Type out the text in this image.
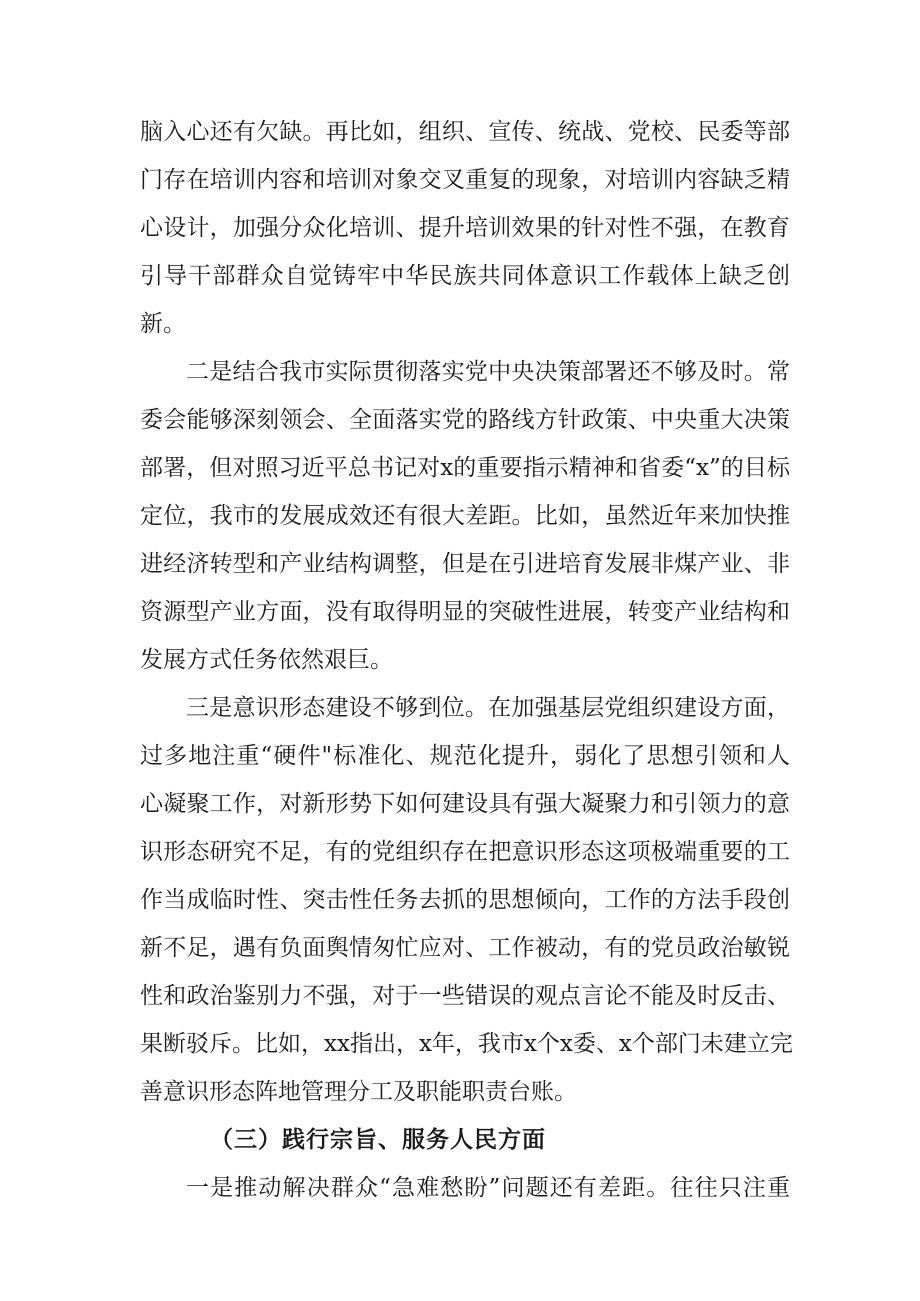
脑入心还有欠缺。再比如，组织、宣传、统战、党校、民委等部
门存在培训内容和培训对象交叉重复的现象，对培训内容缺乏精
心设计，加强分众化培训、提升培训效果的针对性不强，在教育
引导干部群众自觉铸牢中华民族共同体意识工作载体上缺乏创
新。
二是结合我市实际贯彻落实党中央决策部署还不够及时。常
委会能够深刻领会、全面落实党的路线方针政策、中央重大决策
部署，但对照习近平总书记对x的重要指示精神和省委“x”的目标
定位，我市的发展成效还有很大差距。比如，虽然近年来加快推
进经济转型和产业结构调整，但是在引进培育发展非煤产业、非
资源型产业方面，没有取得明显的突破性进展，转变产业结构和
发展方式任务依然艰巨。
三是意识形态建设不够到位。在加强基层党组织建设方面，
过多地注重“硬件"标准化、规范化提升，弱化了思想引领和人
心凝聚工作，对新形势下如何建设具有强大凝聚力和引领力的意
识形态研究不足，有的党组织存在把意识形态这项极端重要的工
作当成临时性、突击性任务去抓的思想倾向，工作的方法手段创
新不足，遇有负面舆情匆忙应对、工作被动，有的党员政治敏锐
性和政治鉴别力不强，对于一些错误的观点言论不能及时反击、
果断驳斥。比如，xx指出，x年，我市x个x委、x个部门未建立完
善意识形态阵地管理分工及职能职责台账。
（三）践行宗旨、服务人民方面
一是推动解决群众“急难愁盼”问题还有差距。往往只注重
